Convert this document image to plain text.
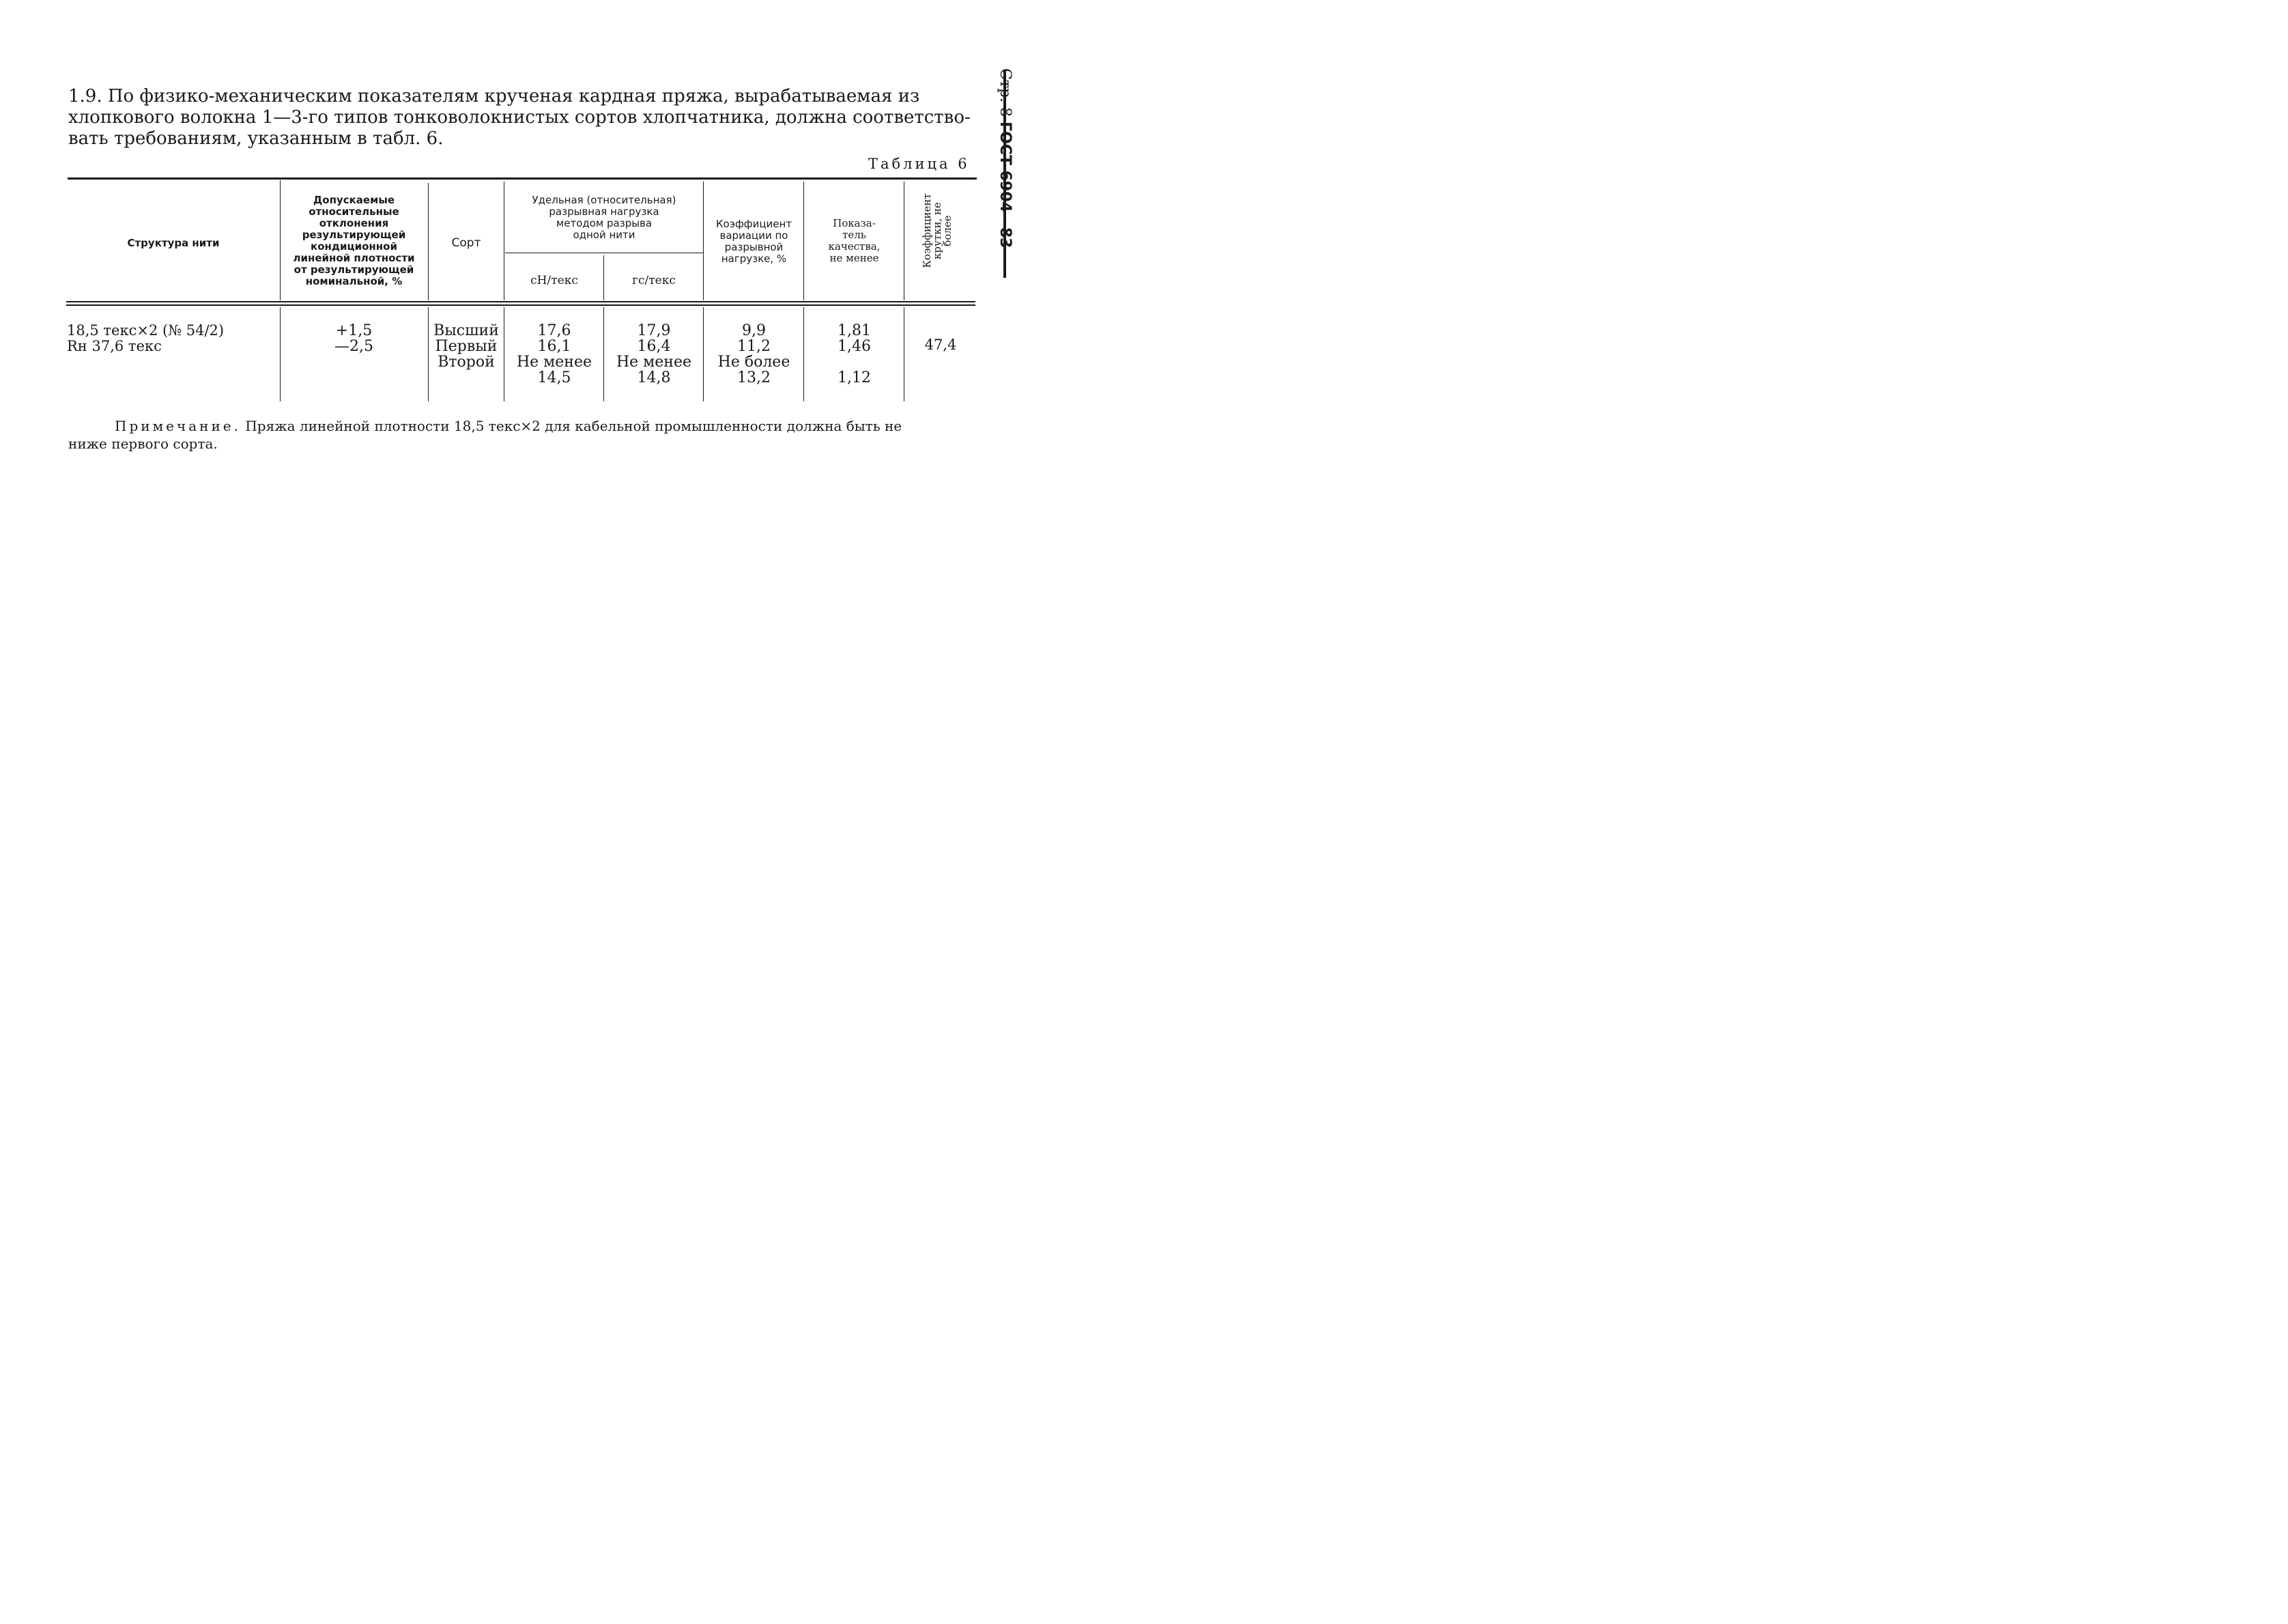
1.9. По физико-механическим показателям крученая кардная пряжа, вырабатываемая из
хлопкового волокна 1—3-го типов тонковолокнистых сортов хлопчатника, должна соответство-
вать требованиям, указанным в табл. 6.
Таблица 6
Структура нити
Допускаемые
относительные
отклонения
результирующей
кондиционной
линейной плотности
от результирующей
номинальной, %
Сорт
Удельная (относительная)
разрывная нагрузка
методом разрыва
одной нити
сН/текс	гс/текс
Коэффициент
вариации по
разрывной
нагрузке, %
Показа-
тель
качества,
не менее	Коэффициент
крутки, не
более
18,5 текс×2 (№ 54/2)
Rн 37,6 текс
+1,5
—2,5
Высший
Первый
Второй
17,6
16,1
Не менее
14,5
17,9
16,4
Не менее
14,8
9,9
11,2
Не более
13,2
1,81
1,46

1,12
47,4
Примечание. Пряжа линейной плотности 18,5 текс×2 для кабельной промышленности должна быть не
ниже первого сорта.
Стр. 8 ГОСТ 6904—83
